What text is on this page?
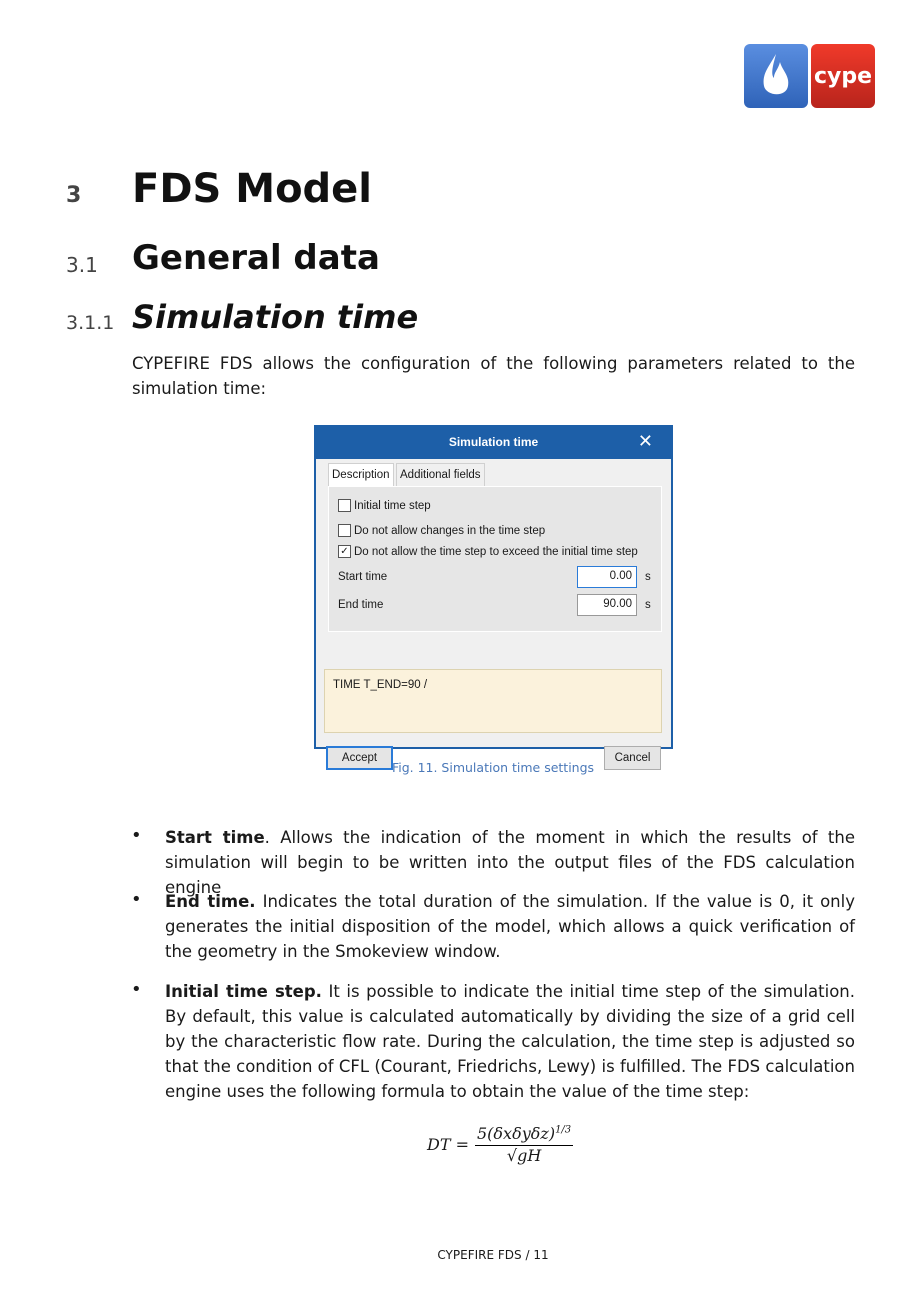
cype
3 FDS Model
3.1 General data
3.1.1 Simulation time

CYPEFIRE FDS allows the configuration of the following parameters related to the simulation time:

Simulation time	✕
Description Additional fields
Initial time step
Do not allow changes in the time step
✓ Do not allow the time step to exceed the initial time step
Start time	0.00	s
End time	90.00	s
TIME T_END=90 /
Accept	Cancel
Fig. 11. Simulation time settings
• Start time. Allows the indication of the moment in which the results of the simulation will begin to be written into the output files of the FDS calculation engine

• End time. Indicates the total duration of the simulation. If the value is 0, it only generates the initial disposition of the model, which allows a quick verification of the geometry in the Smokeview window.

• Initial time step. It is possible to indicate the initial time step of the simulation. By default, this value is calculated automatically by dividing the size of a grid cell by the characteristic flow rate. During the calculation, the time step is adjusted so that the condition of CFL (Courant, Friedrichs, Lewy) is fulfilled. The FDS calculation engine uses the following formula to obtain the value of the time step:

DT = $\frac{5(\delta x\delta y\delta z)^{1/3}}{√gH}$
CYPEFIRE FDS / 11
